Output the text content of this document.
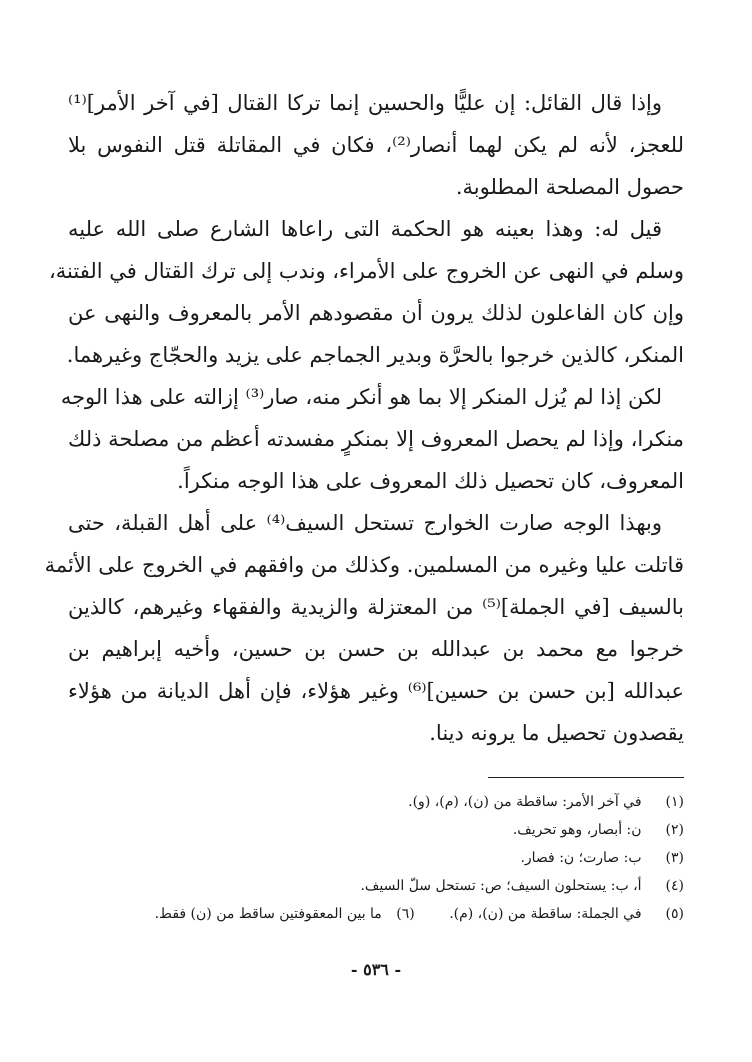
وإذا قال القائل: إن عليًّا والحسين إنما تركا القتال [في آخر الأمر]⁽¹⁾
للعجز، لأنه لم يكن لهما أنصار⁽²⁾، فكان في المقاتلة قتل النفوس بلا
حصول المصلحة المطلوبة.
قيل له: وهذا بعينه هو الحكمة التى راعاها الشارع صلى الله عليه
وسلم في النهى عن الخروج على الأمراء، وندب إلى ترك القتال في الفتنة،
وإن كان الفاعلون لذلك يرون أن مقصودهم الأمر بالمعروف والنهى عن
المنكر، كالذين خرجوا بالحرَّة وبدير الجماجم على يزيد والحجّاج وغيرهما.
لكن إذا لم يُزل المنكر إلا بما هو أنكر منه، صار⁽³⁾ إزالته على هذا الوجه
منكرا، وإذا لم يحصل المعروف إلا بمنكرٍ مفسدته أعظم من مصلحة ذلك
المعروف، كان تحصيل ذلك المعروف على هذا الوجه منكراً.
وبهذا الوجه صارت الخوارج تستحل السيف⁽⁴⁾ على أهل القبلة، حتى
قاتلت عليا وغيره من المسلمين. وكذلك من وافقهم في الخروج على الأئمة
بالسيف [في الجملة]⁽⁵⁾ من المعتزلة والزيدية والفقهاء وغيرهم، كالذين
خرجوا مع محمد بن عبدالله بن حسن بن حسين، وأخيه إبراهيم بن
عبدالله [بن حسن بن حسين]⁽⁶⁾ وغير هؤلاء، فإن أهل الديانة من هؤلاء
يقصدون تحصيل ما يرونه دينا.
(١) في آخر الأمر: ساقطة من (ن)، (م)، (و).
(٢) ن: أبصار، وهو تحريف.
(٣) ب: صارت؛ ن: فصار.
(٤) أ، ب: يستحلون السيف؛ ص: تستحل سلّ السيف.
(٥) في الجملة: ساقطة من (ن)، (م). (٦) ما بين المعقوفتين ساقط من (ن) فقط.
- ٥٣٦ -
